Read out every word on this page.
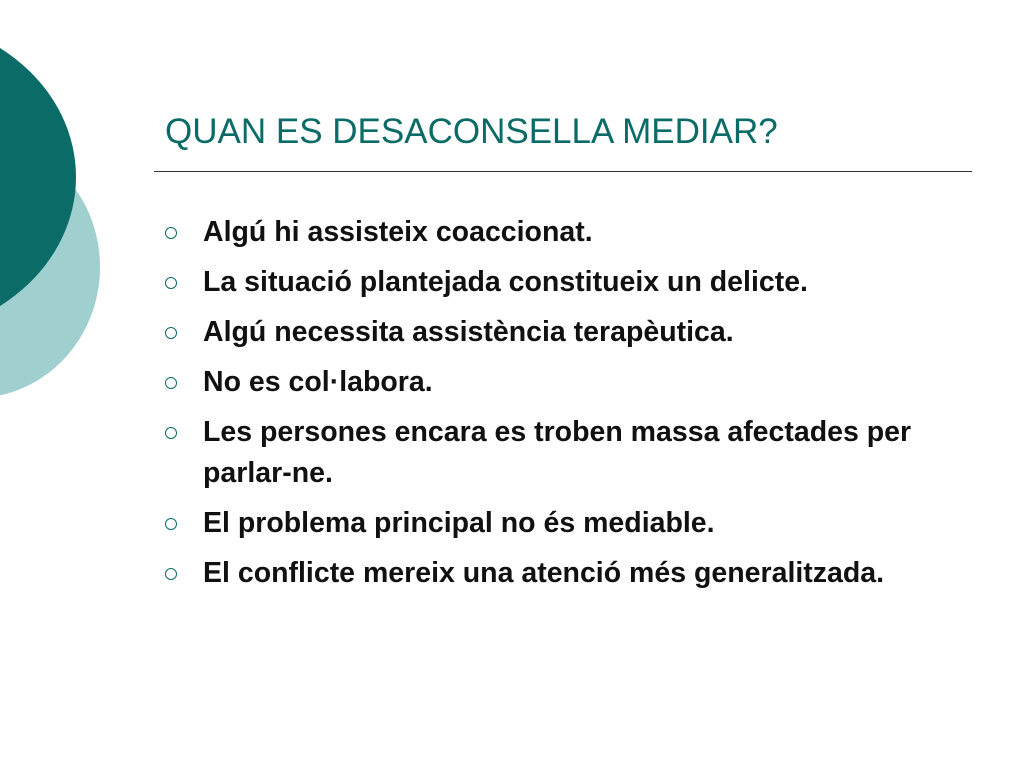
QUAN ES DESACONSELLA MEDIAR?
Algú hi assisteix coaccionat.
La situació plantejada constitueix un delicte.
Algú necessita assistència terapèutica.
No es col·labora.
Les persones encara es troben massa afectades per parlar-ne.
El problema principal no és mediable.
El conflicte mereix una atenció més generalitzada.
